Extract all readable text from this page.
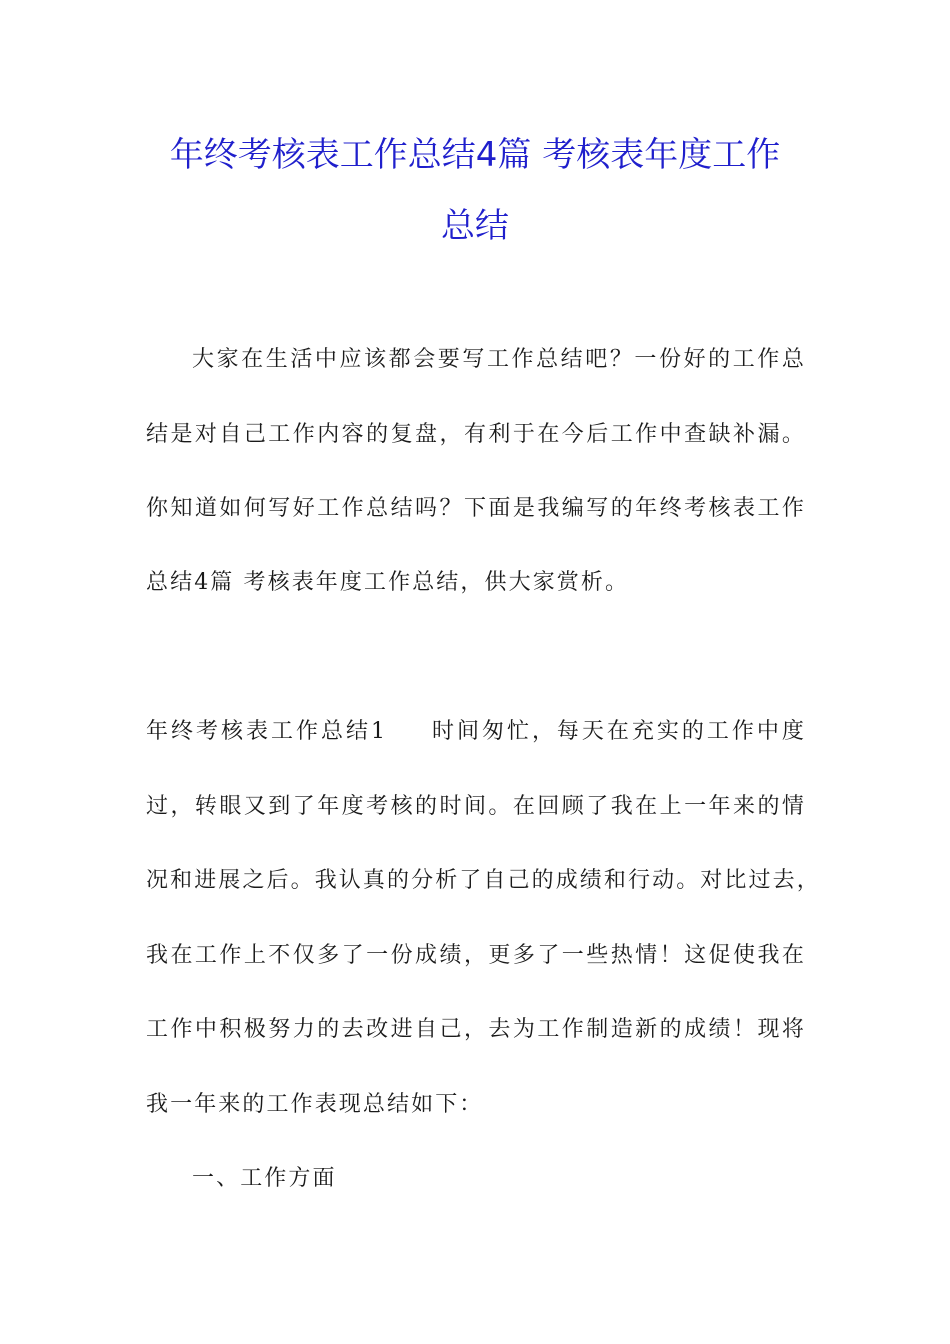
年终考核表工作总结4篇 考核表年度工作
总结
大家在生活中应该都会要写工作总结吧？一份好的工作总
结是对自己工作内容的复盘，有利于在今后工作中查缺补漏。
你知道如何写好工作总结吗？下面是我编写的年终考核表工作
总结4篇 考核表年度工作总结，供大家赏析。
年终考核表工作总结1 时间匆忙，每天在充实的工作中度
过，转眼又到了年度考核的时间。在回顾了我在上一年来的情
况和进展之后。我认真的分析了自己的成绩和行动。对比过去，
我在工作上不仅多了一份成绩，更多了一些热情！这促使我在
工作中积极努力的去改进自己，去为工作制造新的成绩！现将
我一年来的工作表现总结如下：
一、工作方面
